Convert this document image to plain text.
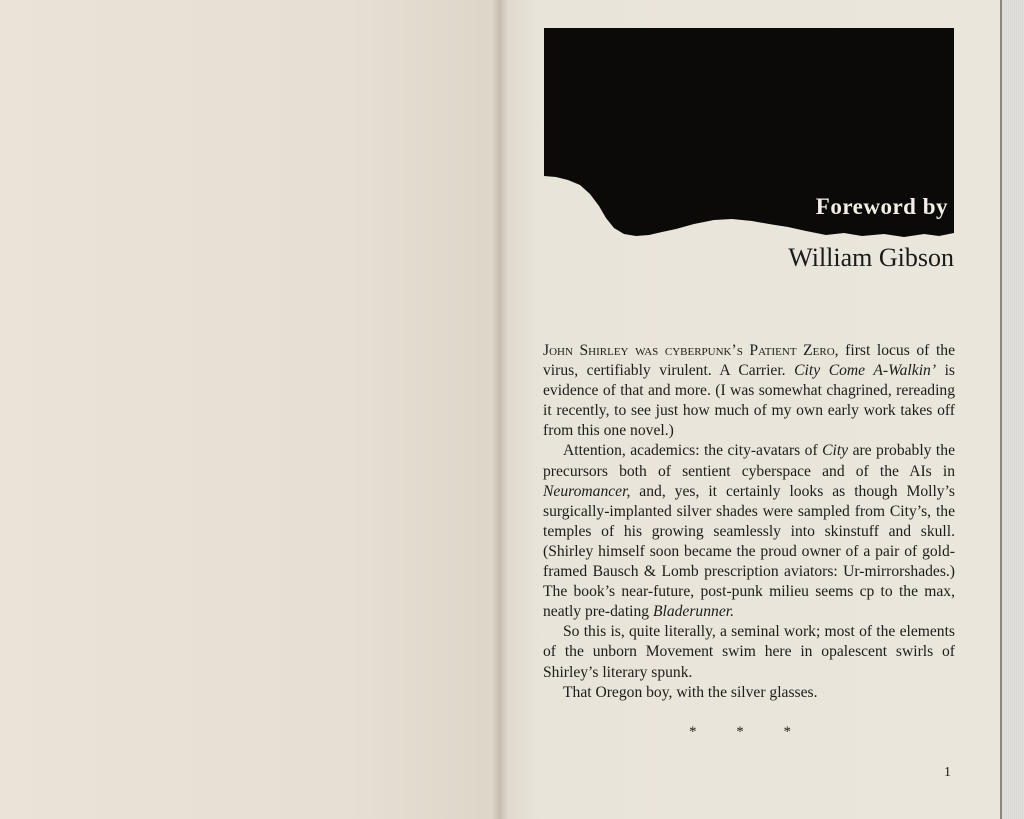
Foreword by
William Gibson

John Shirley was cyberpunk’s Patient Zero, first locus of the virus, certifiably virulent. A Carrier. City Come A-Walkin’ is evidence of that and more. (I was somewhat chagrined, rereading it recently, to see just how much of my own early work takes off from this one novel.)

Attention, academics: the city-avatars of City are probably the precursors both of sentient cyberspace and of the AIs in Neuromancer, and, yes, it certainly looks as though Molly’s surgically-implanted silver shades were sampled from City’s, the temples of his growing seamlessly into skinstuff and skull. (Shirley himself soon became the proud owner of a pair of gold-framed Bausch & Lomb prescription aviators: Ur-mirrorshades.) The book’s near-future, post-punk milieu seems cp to the max, neatly pre-dating Bladerunner.

So this is, quite literally, a seminal work; most of the elements of the unborn Movement swim here in opalescent swirls of Shirley’s literary spunk.

That Oregon boy, with the silver glasses.

* * *
1
